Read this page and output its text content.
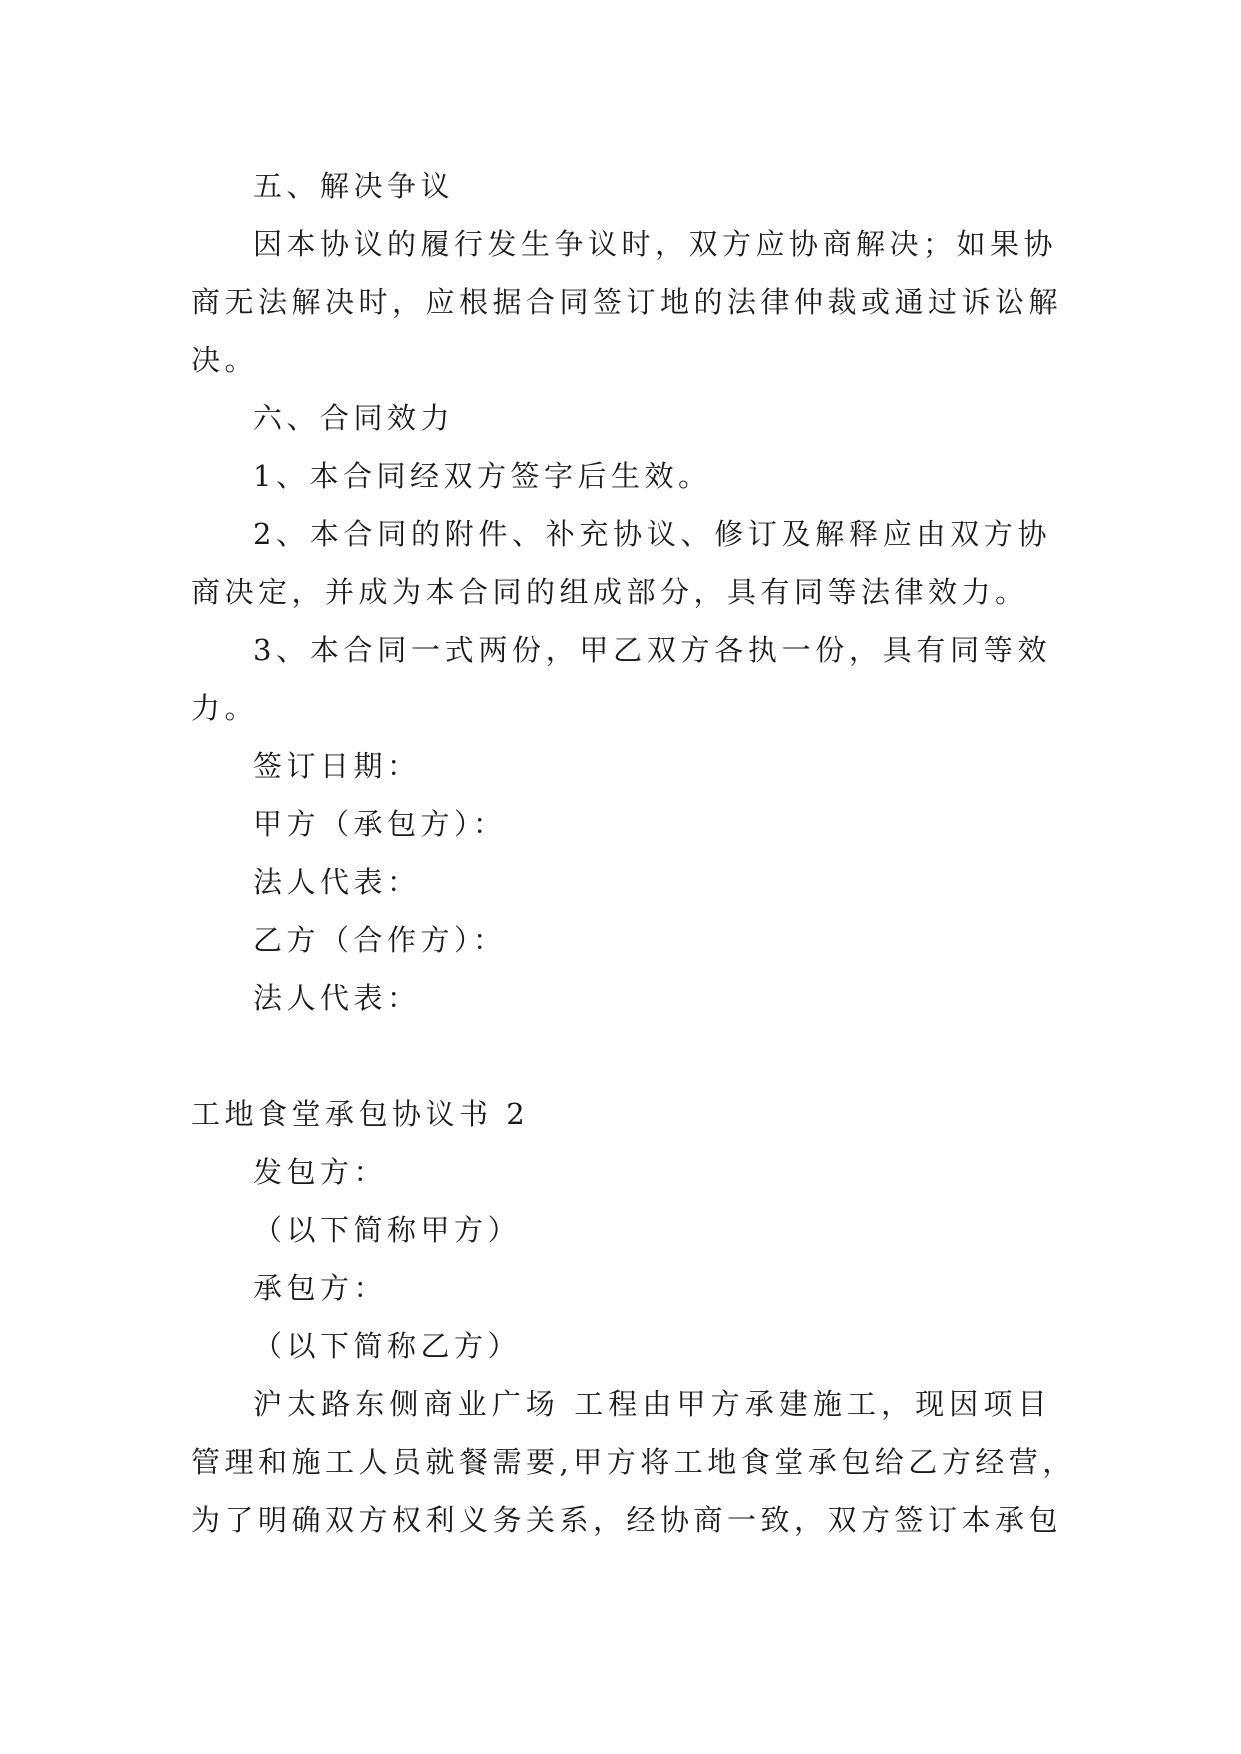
五、解决争议
因本协议的履行发生争议时，双方应协商解决；如果协
商无法解决时，应根据合同签订地的法律仲裁或通过诉讼解
决。
六、合同效力
1、本合同经双方签字后生效。
2、本合同的附件、补充协议、修订及解释应由双方协
商决定，并成为本合同的组成部分，具有同等法律效力。
3、本合同一式两份，甲乙双方各执一份，具有同等效
力。
签订日期：
甲方（承包方）：
法人代表：
乙方（合作方）：
法人代表：
工地食堂承包协议书 2
发包方：
（以下简称甲方）
承包方：
（以下简称乙方）
沪太路东侧商业广场 工程由甲方承建施工，现因项目
管理和施工人员就餐需要,甲方将工地食堂承包给乙方经营，
为了明确双方权利义务关系，经协商一致，双方签订本承包
